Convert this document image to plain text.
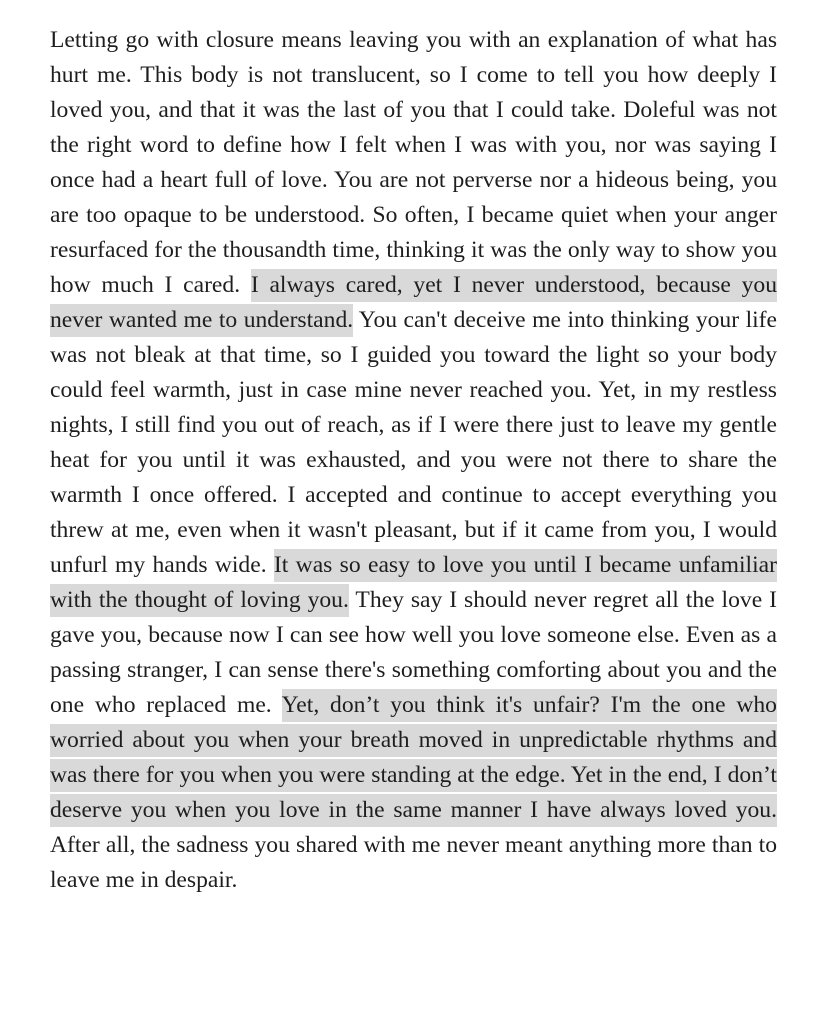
Letting go with closure means leaving you with an explanation of what has hurt me. This body is not translucent, so I come to tell you how deeply I loved you, and that it was the last of you that I could take. Doleful was not the right word to define how I felt when I was with you, nor was saying I once had a heart full of love. You are not perverse nor a hideous being, you are too opaque to be understood. So often, I became quiet when your anger resurfaced for the thousandth time, thinking it was the only way to show you how much I cared. I always cared, yet I never understood, because you never wanted me to understand. You can't deceive me into thinking your life was not bleak at that time, so I guided you toward the light so your body could feel warmth, just in case mine never reached you. Yet, in my restless nights, I still find you out of reach, as if I were there just to leave my gentle heat for you until it was exhausted, and you were not there to share the warmth I once offered. I accepted and continue to accept everything you threw at me, even when it wasn't pleasant, but if it came from you, I would unfurl my hands wide. It was so easy to love you until I became unfamiliar with the thought of loving you. They say I should never regret all the love I gave you, because now I can see how well you love someone else. Even as a passing stranger, I can sense there's something comforting about you and the one who replaced me. Yet, don’t you think it's unfair? I'm the one who worried about you when your breath moved in unpredictable rhythms and was there for you when you were standing at the edge. Yet in the end, I don’t deserve you when you love in the same manner I have always loved you. After all, the sadness you shared with me never meant anything more than to leave me in despair.
